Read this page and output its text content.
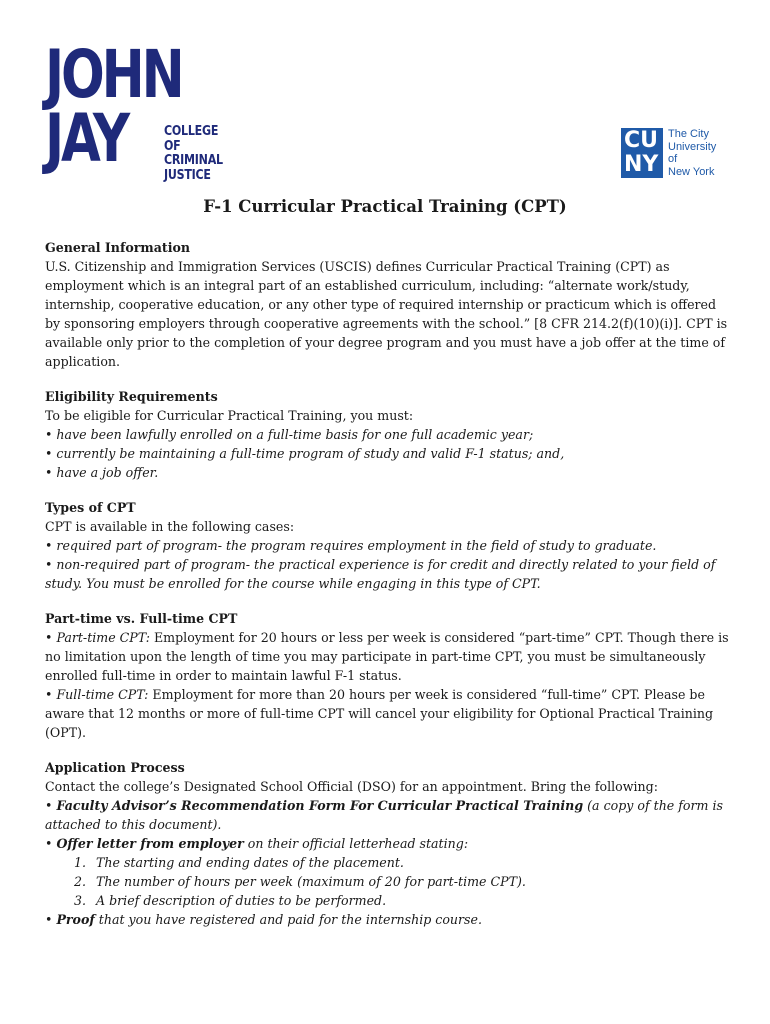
JOHN
JAY	COLLEGE
OF
CRIMINAL
JUSTICE
CU
NY
The City
University
of
New York
F-1 Curricular Practical Training (CPT)
General Information

U.S. Citizenship and Immigration Services (USCIS) defines Curricular Practical Training (CPT) as employment which is an integral part of an established curriculum, including: “alternate work/study, internship, cooperative education, or any other type of required internship or practicum which is offered by sponsoring employers through cooperative agreements with the school.” [8 CFR 214.2(f)(10)(i)]. CPT is available only prior to the completion of your degree program and you must have a job offer at the time of application.

Eligibility Requirements

To be eligible for Curricular Practical Training, you must:

• have been lawfully enrolled on a full-time basis for one full academic year;

• currently be maintaining a full-time program of study and valid F-1 status; and,

• have a job offer.

Types of CPT

CPT is available in the following cases:

• required part of program- the program requires employment in the field of study to graduate.

• non-required part of program- the practical experience is for credit and directly related to your field of study. You must be enrolled for the course while engaging in this type of CPT.

Part-time vs. Full-time CPT

• Part-time CPT: Employment for 20 hours or less per week is considered “part-time” CPT. Though there is no limitation upon the length of time you may participate in part-time CPT, you must be simultaneously enrolled full-time in order to maintain lawful F-1 status.

• Full-time CPT: Employment for more than 20 hours per week is considered “full-time” CPT. Please be aware that 12 months or more of full-time CPT will cancel your eligibility for Optional Practical Training (OPT).

Application Process

Contact the college’s Designated School Official (DSO) for an appointment. Bring the following:

• Faculty Advisor’s Recommendation Form For Curricular Practical Training (a copy of the form is attached to this document).

• Offer letter from employer on their official letterhead stating:

1. The starting and ending dates of the placement.
2. The number of hours per week (maximum of 20 for part-time CPT).
3. A brief description of duties to be performed.

• Proof that you have registered and paid for the internship course.
